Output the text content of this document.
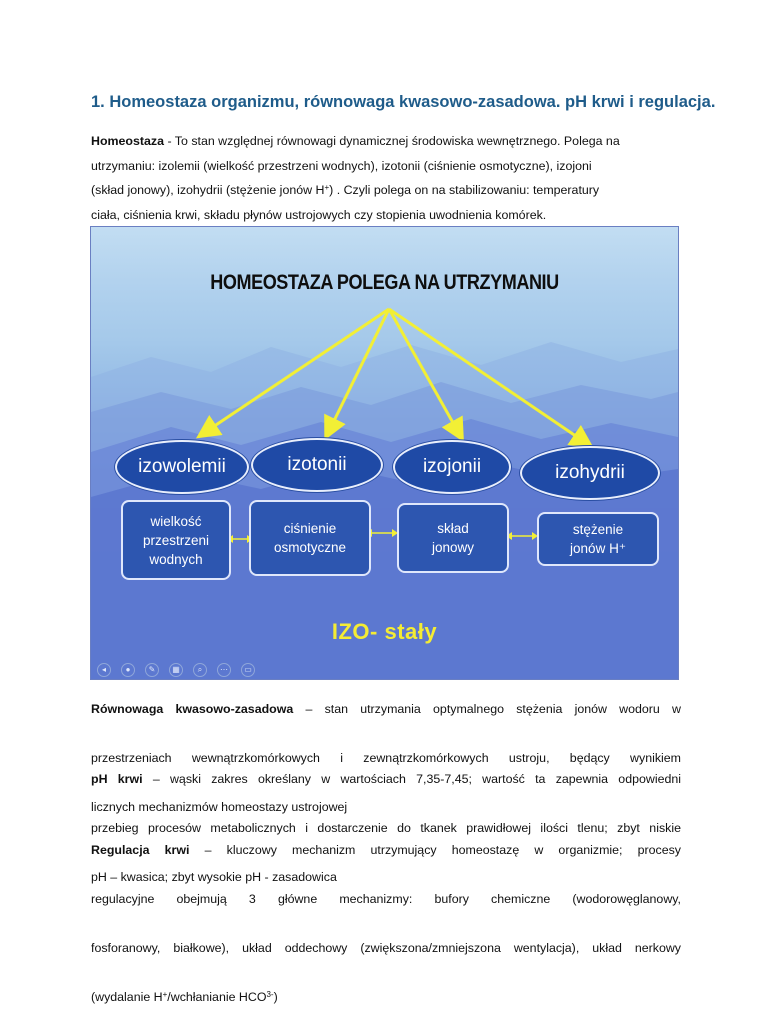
1. Homeostaza organizmu, równowaga kwasowo-zasadowa. pH krwi i regulacja.

Homeostaza - To stan względnej równowagi dynamicznej środowiska wewnętrznego. Polega na

utrzymaniu: izolemii (wielkość przestrzeni wodnych), izotonii (ciśnienie osmotyczne), izojoni

(skład jonowy), izohydrii (stężenie jonów H+) . Czyli polega on na stabilizowaniu: temperatury

ciała, ciśnienia krwi, składu płynów ustrojowych czy stopienia uwodnienia komórek.

HOMEOSTAZA POLEGA NA UTRZYMANIU
izowolemii	izotonii	izojonii	izohydrii
wielkość
przestrzeni
wodnych
ciśnienie
osmotyczne
skład
jonowy
stężenie
jonów H⁺
IZO- stały
◂	●	✎	▦	⌕	⋯	▭

Równowaga kwasowo-zasadowa – stan utrzymania optymalnego stężenia jonów wodoru w

przestrzeniach wewnątrzkomórkowych i zewnątrzkomórkowych ustroju, będący wynikiem

licznych mechanizmów homeostazy ustrojowej

pH krwi – wąski zakres określany w wartościach 7,35-7,45; wartość ta zapewnia odpowiedni

przebieg procesów metabolicznych i dostarczenie do tkanek prawidłowej ilości tlenu; zbyt niskie

pH – kwasica; zbyt wysokie pH - zasadowica

Regulacja krwi – kluczowy mechanizm utrzymujący homeostazę w organizmie; procesy

regulacyjne obejmują 3 główne mechanizmy: bufory chemiczne (wodorowęglanowy,

fosforanowy, białkowe), układ oddechowy (zwiększona/zmniejszona wentylacja), układ nerkowy

(wydalanie H+/wchłanianie $HCO^{3-}$)
